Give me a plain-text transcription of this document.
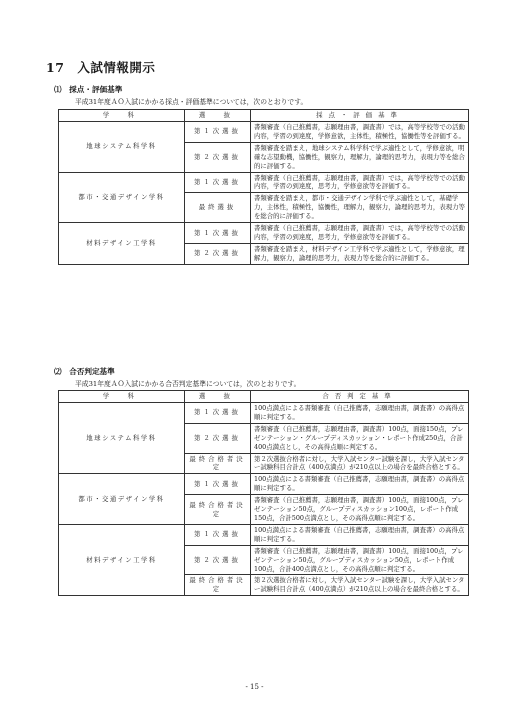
17　入試情報開示
⑴　採点・評価基準
平成31年度ＡＯ入試にかかる採点・評価基準については，次のとおりです。
学　科	選　抜	採点・評価基準
地球システム科学科	第１次選抜	書類審査（自己推薦書，志願理由書，調査書）では，高等学校等での活動内容，学習の到達度，学修意欲，主体性，積極性，協働性等を評価する。
	第２次選抜	書類審査を踏まえ，地球システム科学科で学ぶ適性として，学修意欲，明確な志望動機，協働性，観察力，理解力，論理的思考力，表現力等を総合的に評価する。
都市・交通デザイン学科	第１次選抜	書類審査（自己推薦書，志願理由書，調査書）では，高等学校等での活動内容，学習の到達度，思考力，学修意欲等を評価する。
	最終選抜	書類審査を踏まえ，都市・交通デザイン学科で学ぶ適性として，基礎学力，主体性，積極性，協働性，理解力，観察力，論理的思考力，表現力等を総合的に評価する。
材料デザイン工学科	第１次選抜	書類審査（自己推薦書，志願理由書，調査書）では，高等学校等での活動内容，学習の到達度，思考力，学修意欲等を評価する。
	第２次選抜	書類審査を踏まえ，材料デザイン工学科で学ぶ適性として，学修意欲，理解力，観察力，論理的思考力，表現力等を総合的に評価する。
⑵　合否判定基準
平成31年度ＡＯ入試にかかる合否判定基準については，次のとおりです。
学　科	選　抜	合否判定基準
地球システム科学科	第１次選抜	100点満点による書類審査（自己推薦書，志願理由書，調査書）の高得点順に判定する。
	第２次選抜	書類審査（自己推薦書，志願理由書，調査書）100点，面接150点，プレゼンテーション・グループディスカッション・レポート作成250点，合計400点満点とし，その高得点順に判定する。
	最終合格者決定	第２次選抜合格者に対し，大学入試センター試験を課し，大学入試センター試験科目合計点（400点満点）が210点以上の場合を最終合格とする。
都市・交通デザイン学科	第１次選抜	100点満点による書類審査（自己推薦書，志願理由書，調査書）の高得点順に判定する。
	最終合格者決定	書類審査（自己推薦書，志願理由書，調査書）100点，面接100点，プレゼンテーション50点，グループディスカッション100点，レポート作成150点，合計500点満点とし，その高得点順に判定する。
材料デザイン工学科	第１次選抜	100点満点による書類審査（自己推薦書，志願理由書，調査書）の高得点順に判定する。
	第２次選抜	書類審査（自己推薦書，志願理由書，調査書）100点，面接100点，プレゼンテーション50点，グループディスカッション50点，レポート作成100点，合計400点満点とし，その高得点順に判定する。
	最終合格者決定	第２次選抜合格者に対し，大学入試センター試験を課し，大学入試センター試験科目合計点（400点満点）が210点以上の場合を最終合格とする。
- 15 -
